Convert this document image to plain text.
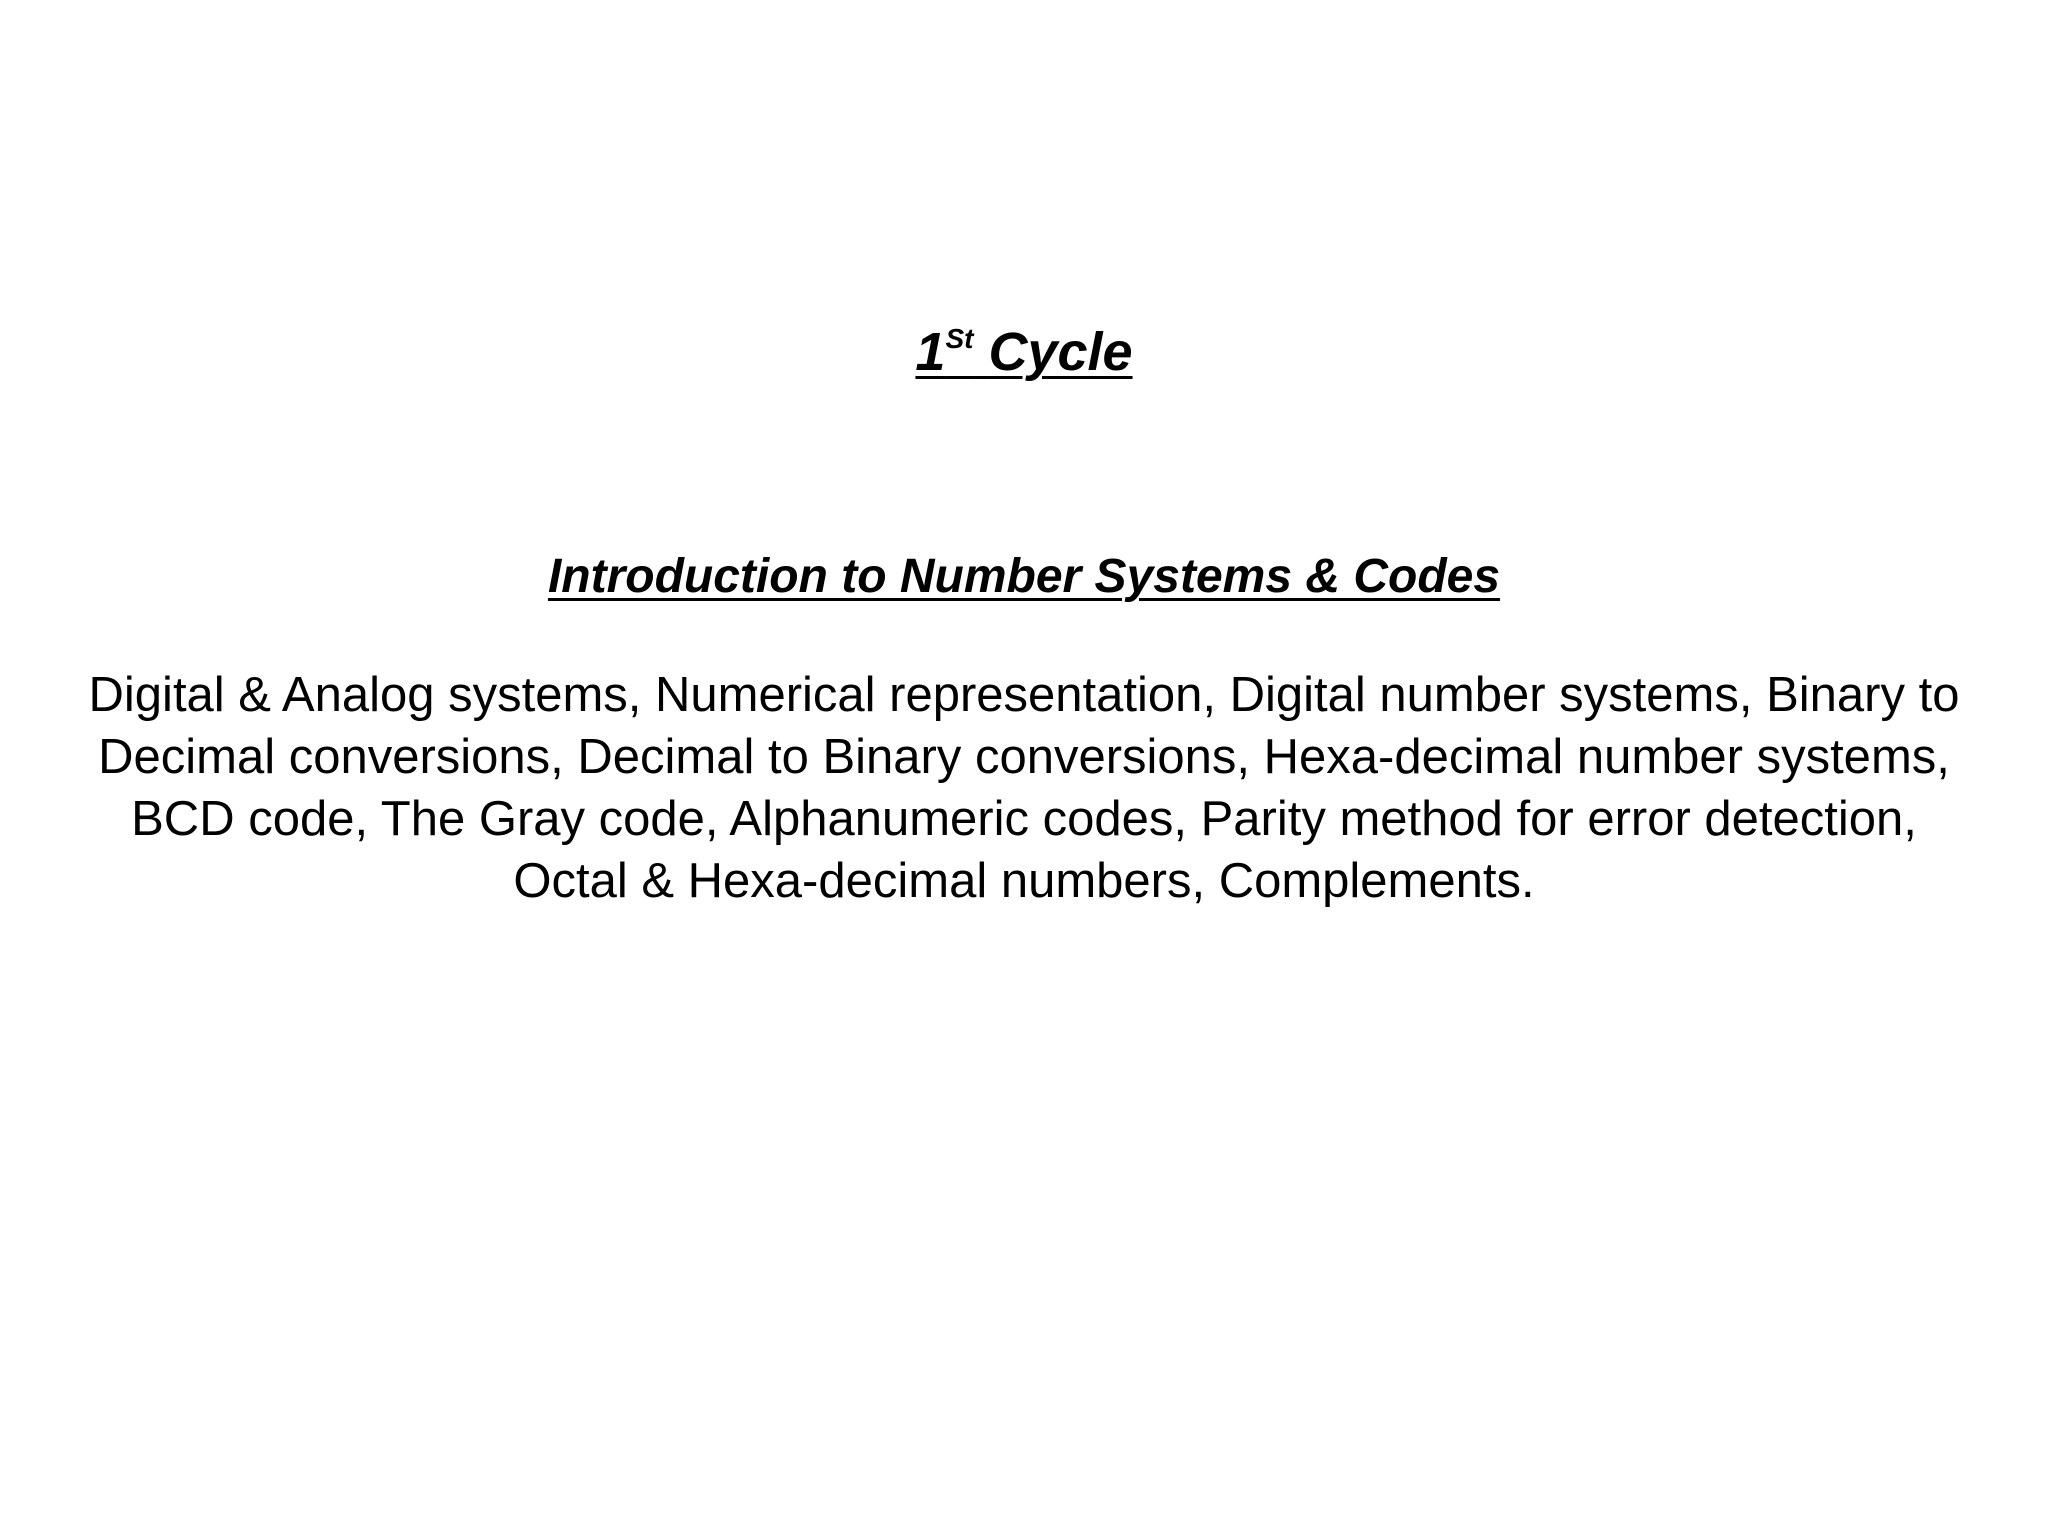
1St Cycle
Introduction to Number Systems & Codes

Digital & Analog systems, Numerical representation, Digital number systems, Binary to Decimal conversions, Decimal to Binary conversions, Hexa-decimal number systems, BCD code, The Gray code, Alphanumeric codes, Parity method for error detection, Octal & Hexa-decimal numbers, Complements.
